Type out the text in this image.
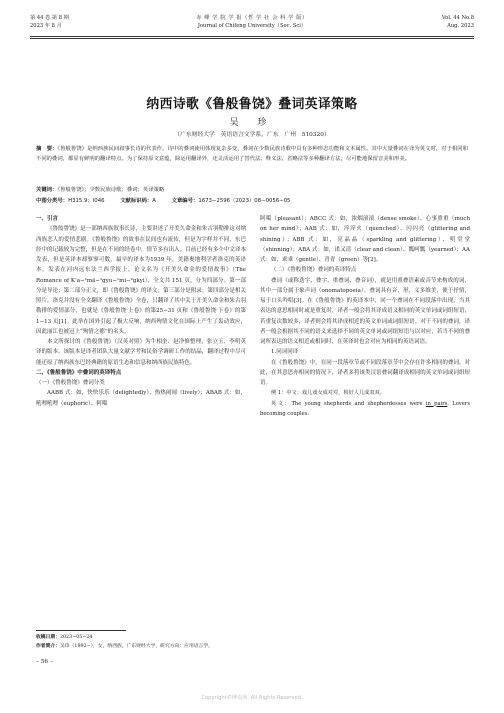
第 44 卷 第 8 期
2023 年 8 月
赤 峰 学 院 学 报（哲 学 社 会 科 学 版）
Journal of Chifeng University（Soc. Sci）
Vol. 44 No.8
Aug. 2023
纳西诗歌《鲁般鲁饶》叠词英译策略
吴 珍
（广东财经大学　英语语言文学系，广东　广州　510320）
摘　要：《鲁般鲁饶》是纳西族民间叙事长诗的代表作。诗中的叠词使用体现复杂多变，叠词在少数民族诗歌中具有多种形态功能和文本属性。其中大量叠词在译为英文时，对于相同和不同的叠词，都显有鲜明的翻译特点。为了保持原文意蕴，除运用翻译外，还灵活运用了替代法、释义法、省略法等多种翻译方法，尽可能地保留音美和形美。
关键词：《鲁般鲁饶》；少数民族诗歌；叠词；英译策略
中图分类号：H315.9；I046	文献标识码：A	文章编号：1673−2596（2023）08−0056−05

一、引言

《鲁般鲁饶》是一部纳西族叙事长诗，主要讲述了开美久命金和朱古羽勒排这对纳西族恋人的爱情悲剧。《鲁般鲁饶》的故事在民间也有流传，但是为字样并不同，东巴经中的记载较为完整，但是在不同的经卷中，情节多有出入。目前已经有多个中文译本发表，但是英译本却寥寥可数，最早的译本为1939 年，美籍奥地利学者洛克的英译本，发表在河内远东法兰西学报上，论文名为《开美久命金的爱情故事》（The Romance of K’a−²mä−¹gyu−¹mi−²gkyi），全文共 151 页，分为四部分。第一部分是导论；第二部分正文，即《鲁般鲁饶》的译文；第三部分是附录；第四部分是相关照片。洛克并没有全文翻译《鲁般鲁饶》全卷，只翻译了其中关于开美久命金和朱古羽勒排的爱情部分，也就是《鲁般鲁饶·上卷》的第25−31 页和《鲁般鲁饶·下卷》的第 1−13 页[1]。此举在国外引起了极大反响，纳西殉情文化在国际上产生了轰动效应，因此丽江也被冠上“殉情之都”的名头。

本文所探讨的《鲁般鲁饶》（汉英对照）为牛相奎、赵净修整理，张立玉、李明英译的版本。该版本是译者团队大量文献学考和民俗学调研工作的结晶，翻译过程中尽可能还原了纳西族东巴经典籍的原语生态和信息和纳西族民族特色。

二、《鲁般鲁饶》中叠词的英译特点

（一）《鲁般鲁饶》叠词分类

AABB 式：如，快快乐乐（delightedly）、热热闹闹（lively）；ABAB 式：如，吼哩吼哩（euphoric）、阿噶

阿噶（pleasant）；ABCC 式：如，浓烟滚滚（dense smoke）、心事重重（much on her mind）；AAB 式：如，淬淬火（quenched）、闪闪亮（glittering and shining）；ABB 式：如，亮晶晶（sparkling and glittering）、明堂堂（shinning）；ABA 式：如，诺又清（clear and clean）、瓢呵瓢（yearned）；AA 式：如，乖乖（gentle）、青青（green）等[2]。

（二）《鲁般鲁饶》叠词的英译特点

叠词（或称迭字、叠字、重叠词、叠音词），就是用重叠语素或音节来构成的词，其中一部分属于象声词（onomatopoeia）。叠词具有音、形、义多维美，便于抒情，易于口头吟唱[3]。在《鲁般鲁饶》的英译本中，同一个叠词在不同段落中出现，当其表达的意思相同时或是重复时，译者一般会将其译成语义相同的英文单词或词组短语，若重复次数较多，译者则会将其译成相近的英文单词或词组短语。对于不同的叠词，译者一般会根据其不同的语义来选择不同的英文单词或词组短语与以对应，若当不同的叠词所表达的语义相近或相同时，在英译时也会对应为相同的英语词语。

1.同词同译

在《鲁般鲁饶》中，在同一段落章节或不同段落章节中会存在许多相同的叠词，对此，在其意思亦相同的情况下，译者多将该类汉语叠词翻译成相同的英文单词或词组短语。

例 1：中文：戏儿戏女成对对，相好人儿成双双。

英文：The young shepherds and shepherdesses were in pairs. Lovers becoming couples.

收稿日期：2023−05−24
作者简介：吴珍（1992−），女，纳西族，广东财经大学，研究方向：应用语言学。
– 56 –
Copyright©博看网. All Rights Reserved.
